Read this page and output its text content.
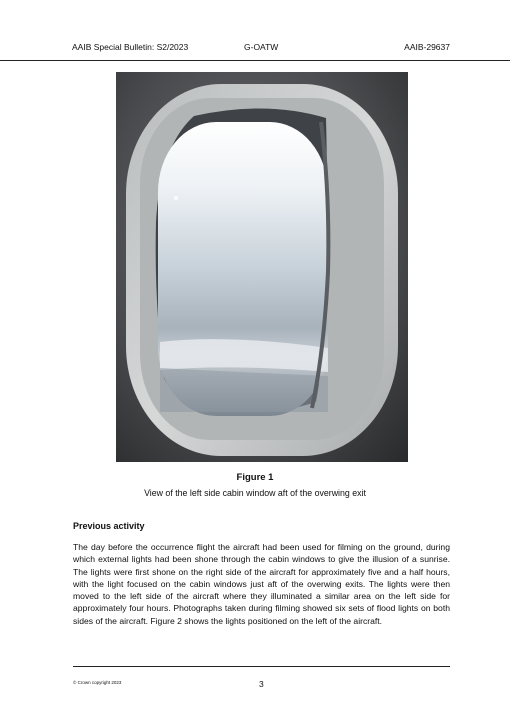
AAIB Special Bulletin: S2/2023	G-OATW	AAIB-29637
Figure 1
View of the left side cabin window aft of the overwing exit
Previous activity

The day before the occurrence flight the aircraft had been used for filming on the ground, during which external lights had been shone through the cabin windows to give the illusion of a sunrise. The lights were first shone on the right side of the aircraft for approximately five and a half hours, with the light focused on the cabin windows just aft of the overwing exits. The lights were then moved to the left side of the aircraft where they illuminated a similar area on the left side for approximately four hours. Photographs taken during filming showed six sets of flood lights on both sides of the aircraft. Figure 2 shows the lights positioned on the left of the aircraft.

© Crown copyright 2023	3
